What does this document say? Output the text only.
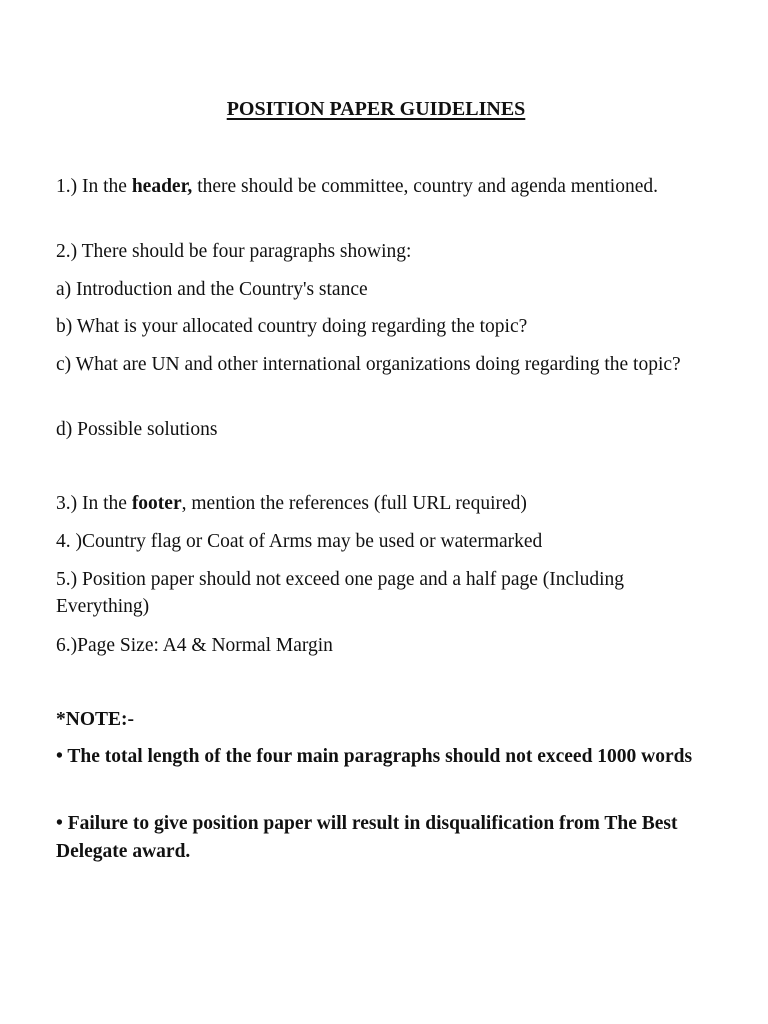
POSITION PAPER GUIDELINES
1.) In the header, there should be committee, country and agenda mentioned.
2.) There should be four paragraphs showing:
a) Introduction and the Country's stance
b) What is your allocated country doing regarding the topic?
c) What are UN and other international organizations doing regarding the topic?
d) Possible solutions
3.) In the footer, mention the references (full URL required)
4. )Country flag or Coat of Arms may be used or watermarked
5.) Position paper should not exceed one page and a half page (Including Everything)
6.)Page Size: A4 & Normal Margin
*NOTE:-
• The total length of the four main paragraphs should not exceed 1000 words
• Failure to give position paper will result in disqualification from The Best Delegate award.
